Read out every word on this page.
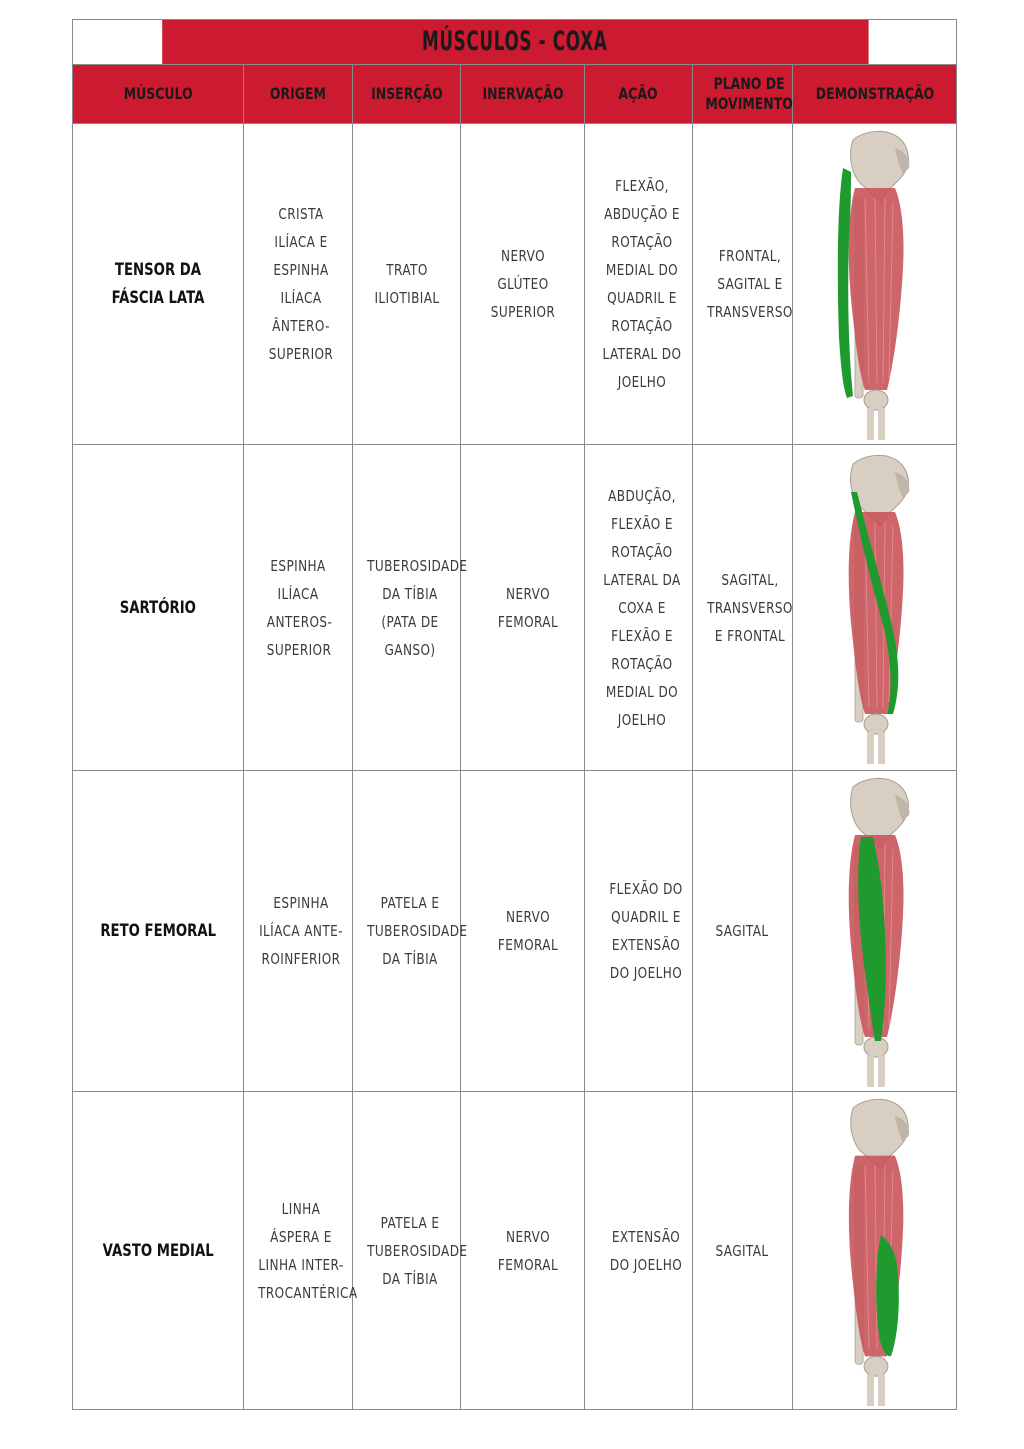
MÚSCULOS - COXA						

MÚSCULO	ORIGEM	INSERÇÃO	INERVAÇÃO	AÇÃO	PLANO DE MOVIMENTO	DEMONSTRAÇÃO
TENSOR DA FÁSCIA LATA	CRISTA ILÍACA E ESPINHA ILÍACA ÂNTERO-SUPERIOR	TRATO ILIOTIBIAL	NERVO GLÚTEO SUPERIOR	FLEXÃO, ABDUÇÃO E ROTAÇÃO MEDIAL DO QUADRIL E ROTAÇÃO LATERAL DO JOELHO	FRONTAL, SAGITAL E TRANSVERSO	

SARTÓRIO	ESPINHA ILÍACA ANTEROS-SUPERIOR	TUBEROSIDADE DA TÍBIA (PATA DE GANSO)	NERVO FEMORAL	ABDUÇÃO, FLEXÃO E ROTAÇÃO LATERAL DA COXA E FLEXÃO E ROTAÇÃO MEDIAL DO JOELHO	SAGITAL, TRANSVERSO E FRONTAL	

RETO FEMORAL	ESPINHA ILÍACA ANTE-ROINFERIOR	PATELA E TUBEROSIDADE DA TÍBIA	NERVO FEMORAL	FLEXÃO DO QUADRIL E EXTENSÃO DO JOELHO	SAGITAL	

VASTO MEDIAL	LINHA ÁSPERA E LINHA INTER-TROCANTÉRICA	PATELA E TUBEROSIDADE DA TÍBIA	NERVO FEMORAL	EXTENSÃO DO JOELHO	SAGITAL	
